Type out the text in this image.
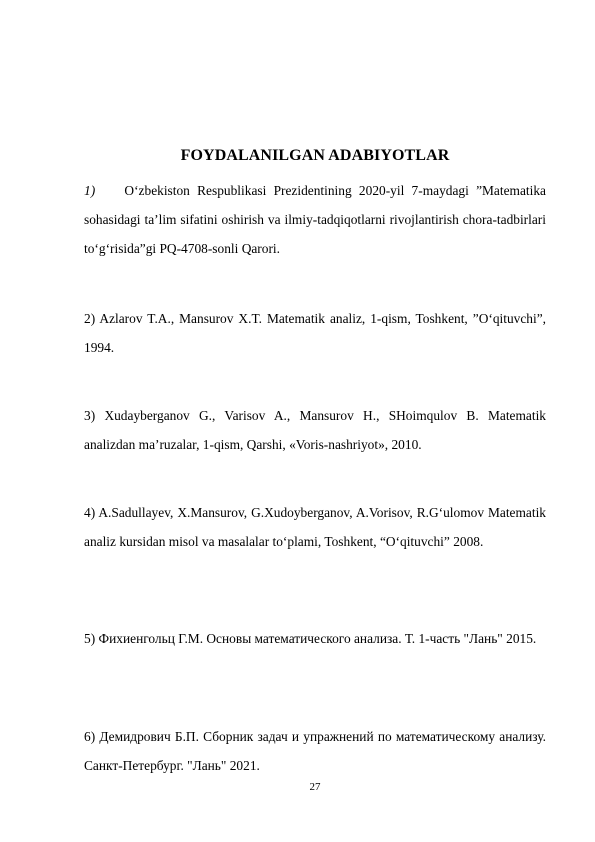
FOYDALANILGAN ADABIYOTLAR
1) O‘zbekiston Respublikasi Prezidentining 2020-yil 7-maydagi ”Matematika sohasidagi ta’lim sifatini oshirish va ilmiy-tadqiqotlarni rivojlantirish chora-tadbirlari to‘g‘risida”gi PQ-4708-sonli Qarori.
2) Azlarov T.A., Mansurov X.T. Matematik analiz, 1-qism, Toshkent, ”O‘qituvchi”, 1994.
3) Xudayberganov G., Varisov A., Mansurov H., SHoimqulov B. Matematik analizdan ma’ruzalar, 1-qism, Qarshi, «Voris-nashriyot», 2010.
4) A.Sadullayev, X.Mansurov, G.Xudoyberganov, A.Vorisov, R.G‘ulomov Matematik analiz kursidan misol va masalalar to‘plami, Toshkent, “O‘qituvchi” 2008.
5) Фихиенгольц Г.М. Основы математического анализа. Т. 1-часть "Лань" 2015.
6) Демидрович Б.П. Сборник задач и упражнений по математическому анализу. Санкт-Петербург. "Лань" 2021.
27
